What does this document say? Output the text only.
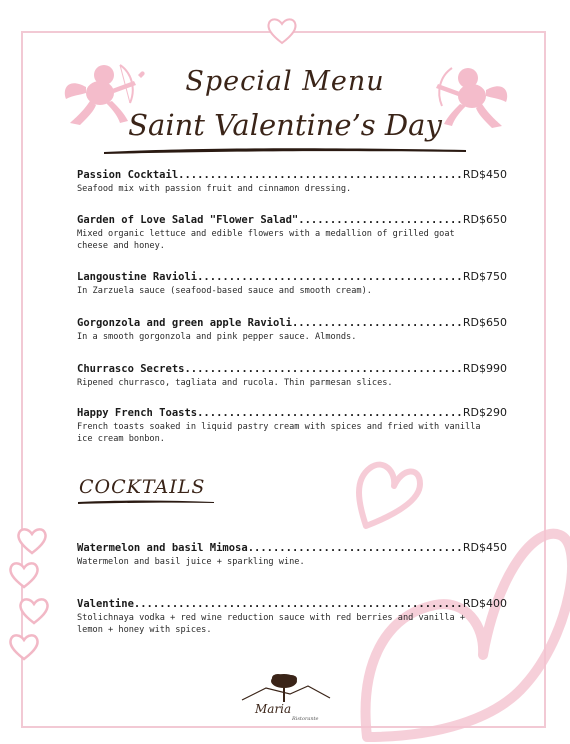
Special Menu
Saint Valentine’s Day
Passion Cocktail .....	RD$450
Seafood mix with passion fruit and cinnamon dressing.
Garden of Love Salad "Flower Salad" .....	RD$650
Mixed organic lettuce and edible flowers with a medallion of grilled goat cheese and honey.
Langoustine Ravioli .....	RD$750
In Zarzuela sauce (seafood-based sauce and smooth cream).
Gorgonzola and green apple Ravioli .....	RD$650
In a smooth gorgonzola and pink pepper sauce. Almonds.
Churrasco Secrets .....	RD$990
Ripened churrasco, tagliata and rucola. Thin parmesan slices.
Happy French Toasts .....	RD$290
French toasts soaked in liquid pastry cream with spices and fried with vanilla ice cream bonbon.
COCKTAILS
Watermelon and basil Mimosa .....	RD$450
Watermelon and basil juice + sparkling wine.
Valentine .....	RD$400
Stolichnaya vodka + red wine reduction sauce with red berries and vanilla + lemon + honey with spices.
Maria
Ristorante
